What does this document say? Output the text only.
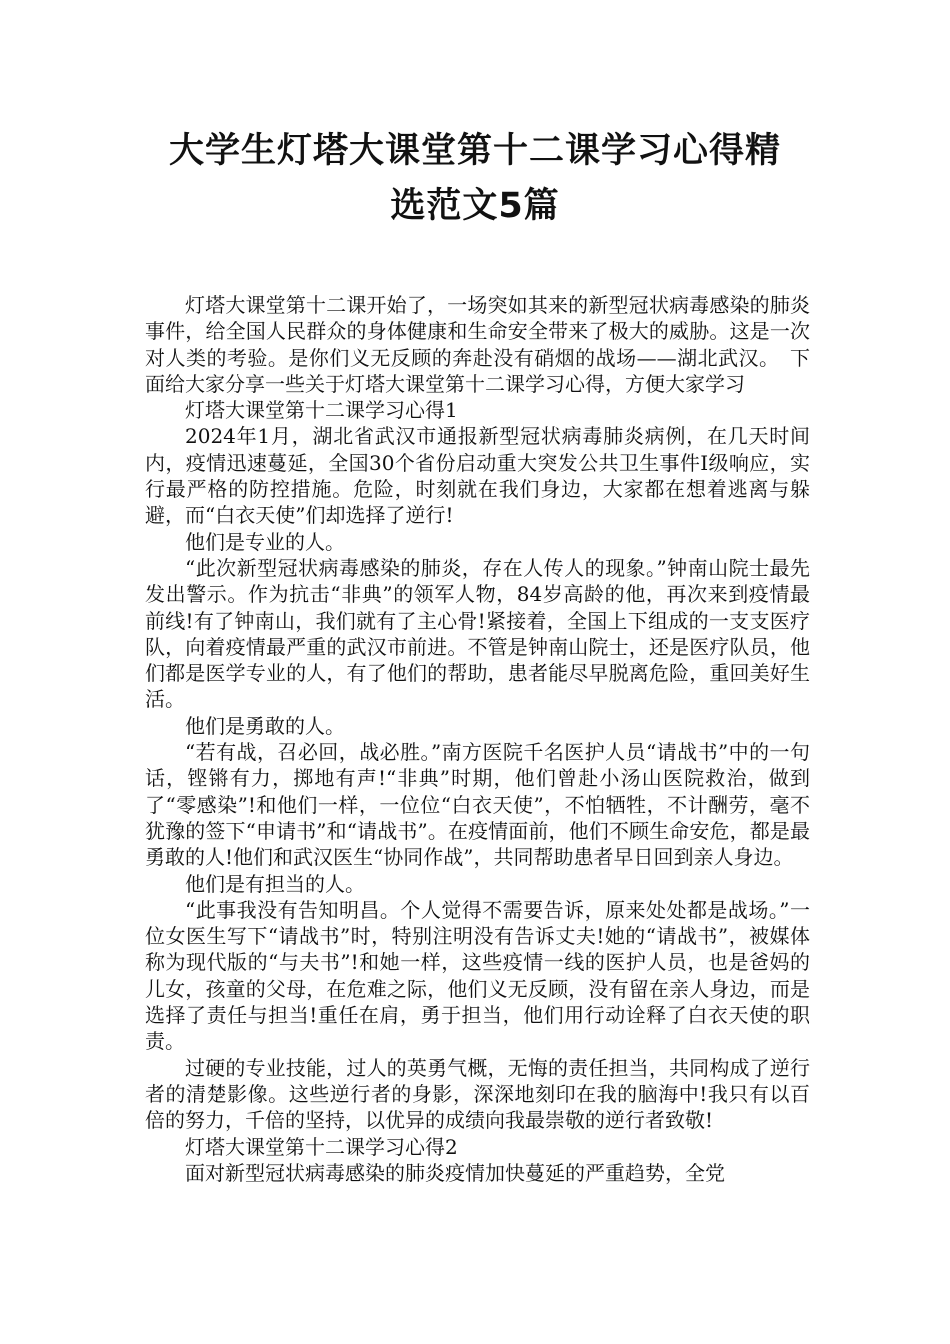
大学生灯塔大课堂第十二课学习心得精
选范文5篇

灯塔大课堂第十二课开始了，一场突如其来的新型冠状病毒感染的肺炎事件，给全国人民群众的身体健康和生命安全带来了极大的威胁。这是一次对人类的考验。是你们义无反顾的奔赴没有硝烟的战场——湖北武汉。　下面给大家分享一些关于灯塔大课堂第十二课学习心得，方便大家学习

灯塔大课堂第十二课学习心得1

2024年1月，湖北省武汉市通报新型冠状病毒肺炎病例，在几天时间内，疫情迅速蔓延，全国30个省份启动重大突发公共卫生事件Ⅰ级响应，实行最严格的防控措施。危险，时刻就在我们身边，大家都在想着逃离与躲避，而“白衣天使”们却选择了逆行!

他们是专业的人。

“此次新型冠状病毒感染的肺炎，存在人传人的现象。”钟南山院士最先发出警示。作为抗击“非典”的领军人物，84岁高龄的他，再次来到疫情最前线!有了钟南山，我们就有了主心骨!紧接着，全国上下组成的一支支医疗队，向着疫情最严重的武汉市前进。不管是钟南山院士，还是医疗队员，他们都是医学专业的人，有了他们的帮助，患者能尽早脱离危险，重回美好生活。

他们是勇敢的人。

“若有战，召必回，战必胜。”南方医院千名医护人员“请战书”中的一句话，铿锵有力，掷地有声!“非典”时期，他们曾赴小汤山医院救治，做到了“零感染”!和他们一样，一位位“白衣天使”，不怕牺牲，不计酬劳，毫不犹豫的签下“申请书”和“请战书”。在疫情面前，他们不顾生命安危，都是最勇敢的人!他们和武汉医生“协同作战”，共同帮助患者早日回到亲人身边。

他们是有担当的人。

“此事我没有告知明昌。个人觉得不需要告诉，原来处处都是战场。”一位女医生写下“请战书”时，特别注明没有告诉丈夫!她的“请战书”，被媒体称为现代版的“与夫书”!和她一样，这些疫情一线的医护人员，也是爸妈的儿女，孩童的父母，在危难之际，他们义无反顾，没有留在亲人身边，而是选择了责任与担当!重任在肩，勇于担当，他们用行动诠释了白衣天使的职责。

过硬的专业技能，过人的英勇气概，无悔的责任担当，共同构成了逆行者的清楚影像。这些逆行者的身影，深深地刻印在我的脑海中!我只有以百倍的努力，千倍的坚持，以优异的成绩向我最崇敬的逆行者致敬!

灯塔大课堂第十二课学习心得2

面对新型冠状病毒感染的肺炎疫情加快蔓延的严重趋势，全党
